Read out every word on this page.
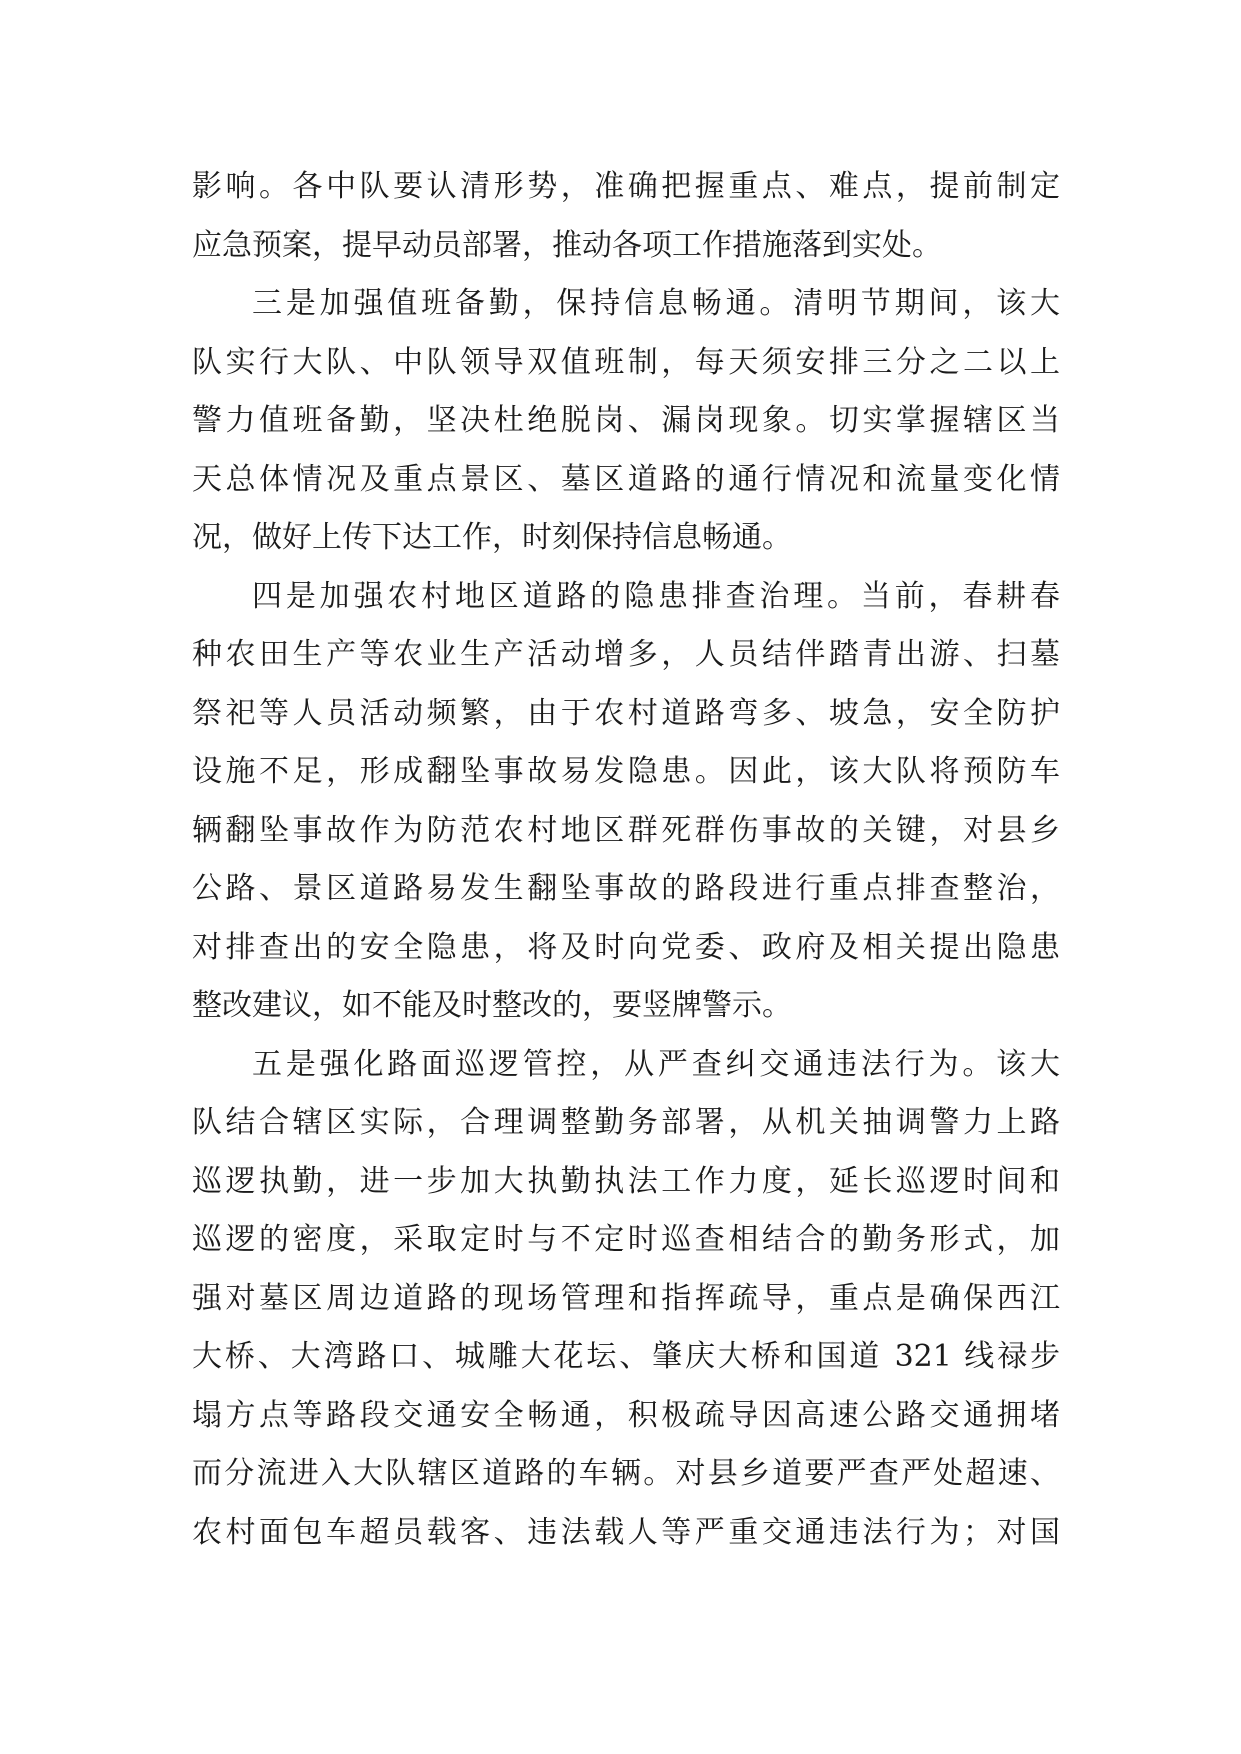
影响。各中队要认清形势，准确把握重点、难点，提前制定
应急预案，提早动员部署，推动各项工作措施落到实处。
三是加强值班备勤，保持信息畅通。清明节期间，该大
队实行大队、中队领导双值班制，每天须安排三分之二以上
警力值班备勤，坚决杜绝脱岗、漏岗现象。切实掌握辖区当
天总体情况及重点景区、墓区道路的通行情况和流量变化情
况，做好上传下达工作，时刻保持信息畅通。
四是加强农村地区道路的隐患排查治理。当前，春耕春
种农田生产等农业生产活动增多，人员结伴踏青出游、扫墓
祭祀等人员活动频繁，由于农村道路弯多、坡急，安全防护
设施不足，形成翻坠事故易发隐患。因此，该大队将预防车
辆翻坠事故作为防范农村地区群死群伤事故的关键，对县乡
公路、景区道路易发生翻坠事故的路段进行重点排查整治，
对排查出的安全隐患，将及时向党委、政府及相关提出隐患
整改建议，如不能及时整改的，要竖牌警示。
五是强化路面巡逻管控，从严查纠交通违法行为。该大
队结合辖区实际，合理调整勤务部署，从机关抽调警力上路
巡逻执勤，进一步加大执勤执法工作力度，延长巡逻时间和
巡逻的密度，采取定时与不定时巡查相结合的勤务形式，加
强对墓区周边道路的现场管理和指挥疏导，重点是确保西江
大桥、大湾路口、城雕大花坛、肇庆大桥和国道 321 线禄步
塌方点等路段交通安全畅通，积极疏导因高速公路交通拥堵
而分流进入大队辖区道路的车辆。对县乡道要严查严处超速、
农村面包车超员载客、违法载人等严重交通违法行为；对国
